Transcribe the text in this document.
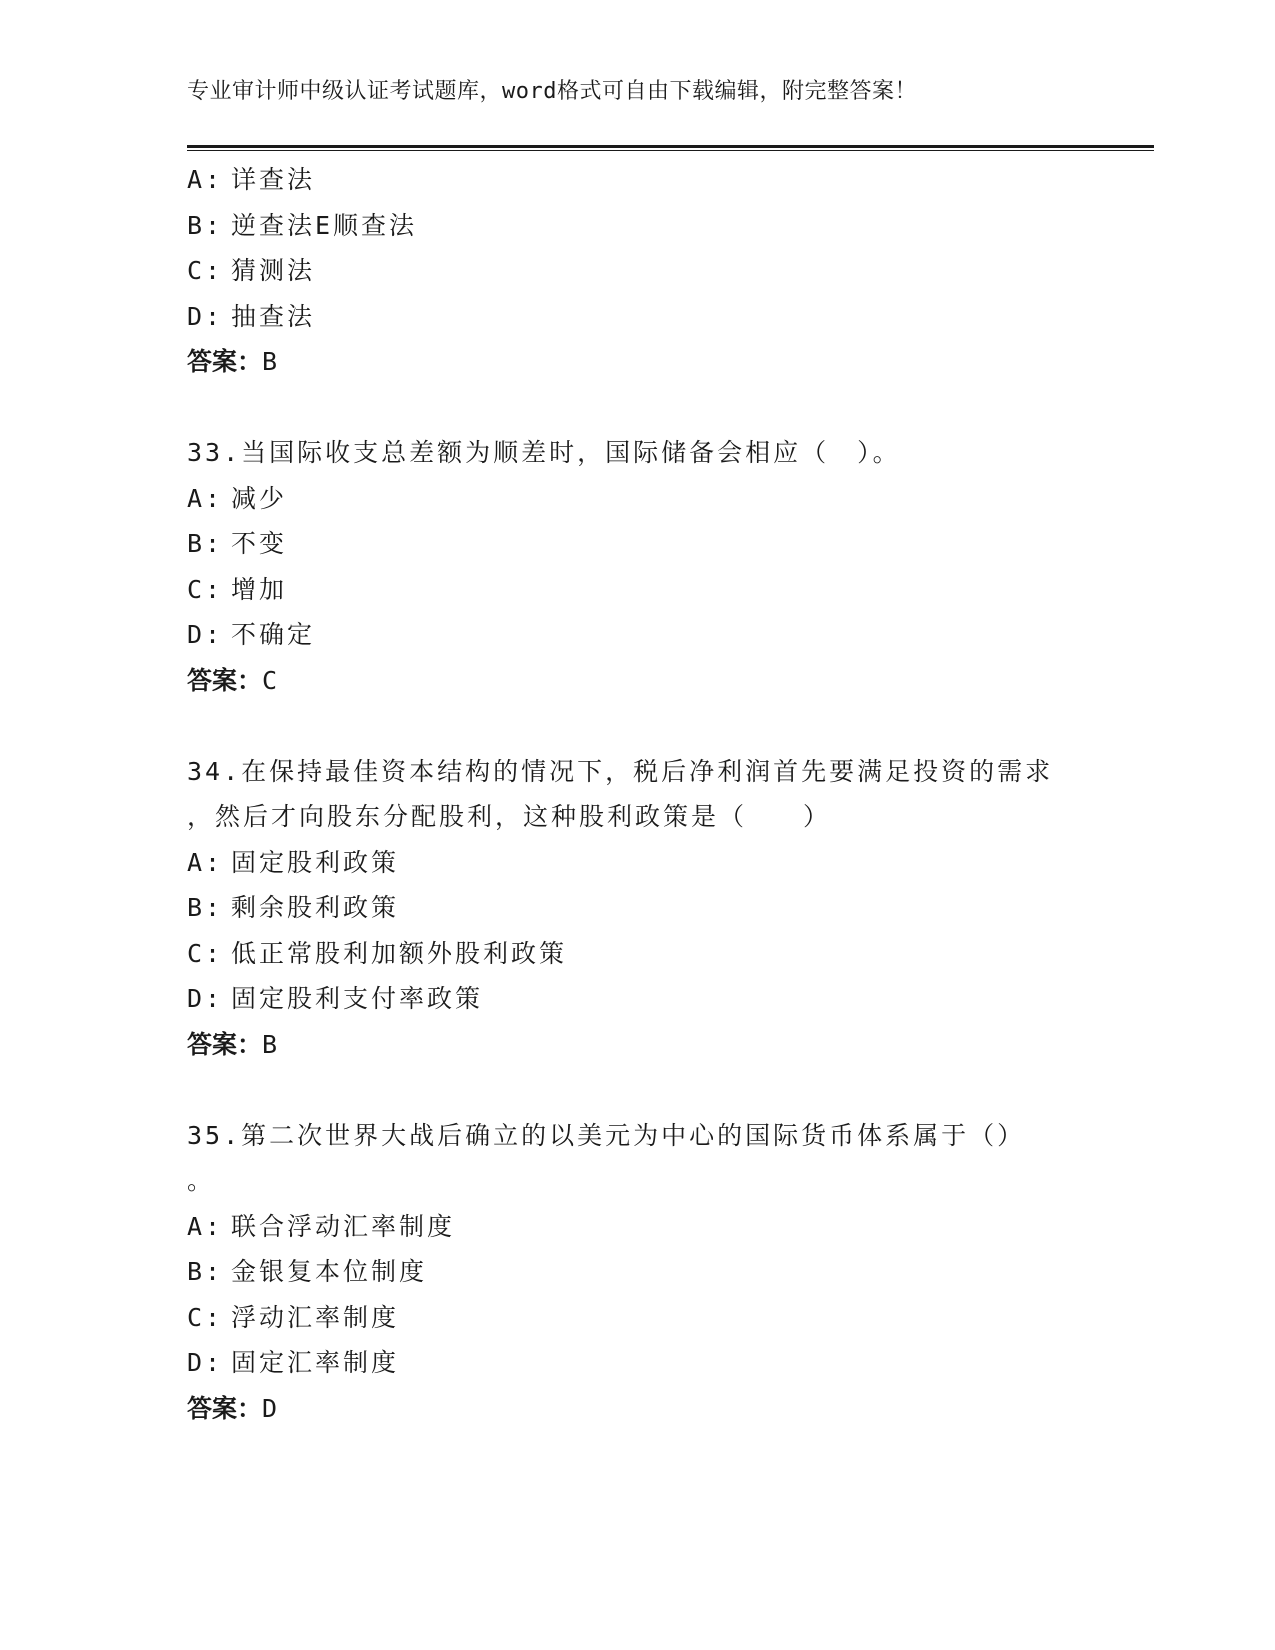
专业审计师中级认证考试题库，word格式可自由下载编辑，附完整答案！
A: 详查法
B: 逆查法E顺查法
C: 猜测法
D: 抽查法
答案：B
33.当国际收支总差额为顺差时，国际储备会相应（　）。
A: 减少
B: 不变
C: 增加
D: 不确定
答案：C
34.在保持最佳资本结构的情况下，税后净利润首先要满足投资的需求
，然后才向股东分配股利，这种股利政策是（　　）
A: 固定股利政策
B: 剩余股利政策
C: 低正常股利加额外股利政策
D: 固定股利支付率政策
答案：B
35.第二次世界大战后确立的以美元为中心的国际货币体系属于（）
。
A: 联合浮动汇率制度
B: 金银复本位制度
C: 浮动汇率制度
D: 固定汇率制度
答案：D
